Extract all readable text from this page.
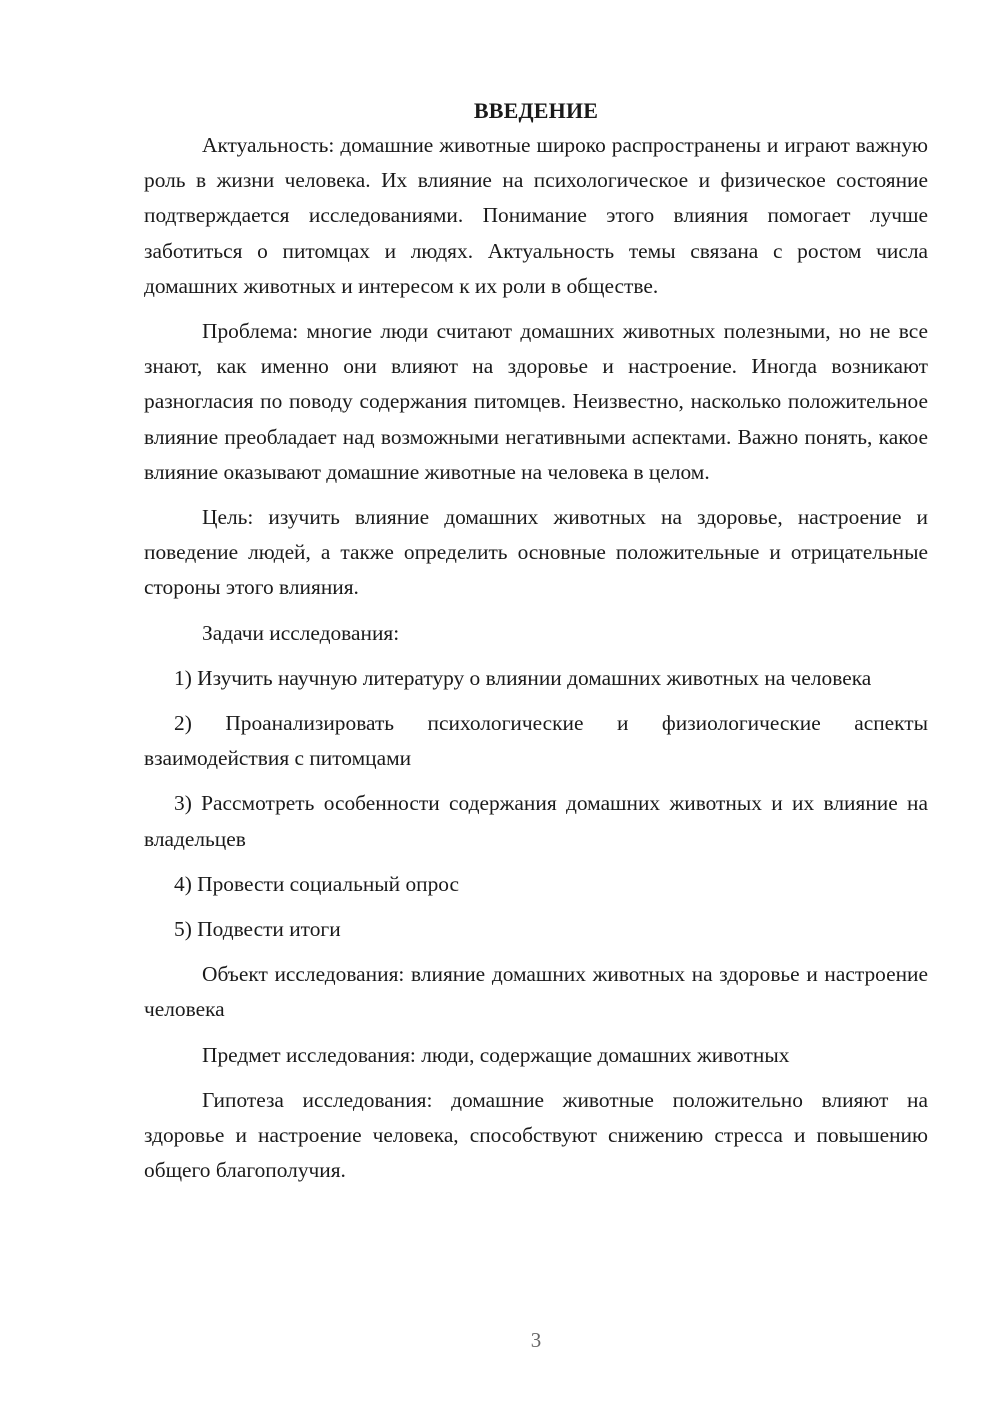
ВВЕДЕНИЕ

Актуальность: домашние животные широко распространены и играют важную роль в жизни человека. Их влияние на психологическое и физическое состояние подтверждается исследованиями. Понимание этого влияния помогает лучше заботиться о питомцах и людях. Актуальность темы связана с ростом числа домашних животных и интересом к их роли в обществе.

Проблема: многие люди считают домашних животных полезными, но не все знают, как именно они влияют на здоровье и настроение. Иногда возникают разногласия по поводу содержания питомцев. Неизвестно, насколько положительное влияние преобладает над возможными негативными аспектами. Важно понять, какое влияние оказывают домашние животные на человека в целом.

Цель: изучить влияние домашних животных на здоровье, настроение и поведение людей, а также определить основные положительные и отрицательные стороны этого влияния.

Задачи исследования:

1) Изучить научную литературу о влиянии домашних животных на человека
2) Проанализировать психологические и физиологические аспекты взаимодействия с питомцами
3) Рассмотреть особенности содержания домашних животных и их влияние на владельцев
4) Провести социальный опрос
5) Подвести итоги

Объект исследования: влияние домашних животных на здоровье и настроение человека

Предмет исследования: люди, содержащие домашних животных

Гипотеза исследования: домашние животные положительно влияют на здоровье и настроение человека, способствуют снижению стресса и повышению общего благополучия.

3
